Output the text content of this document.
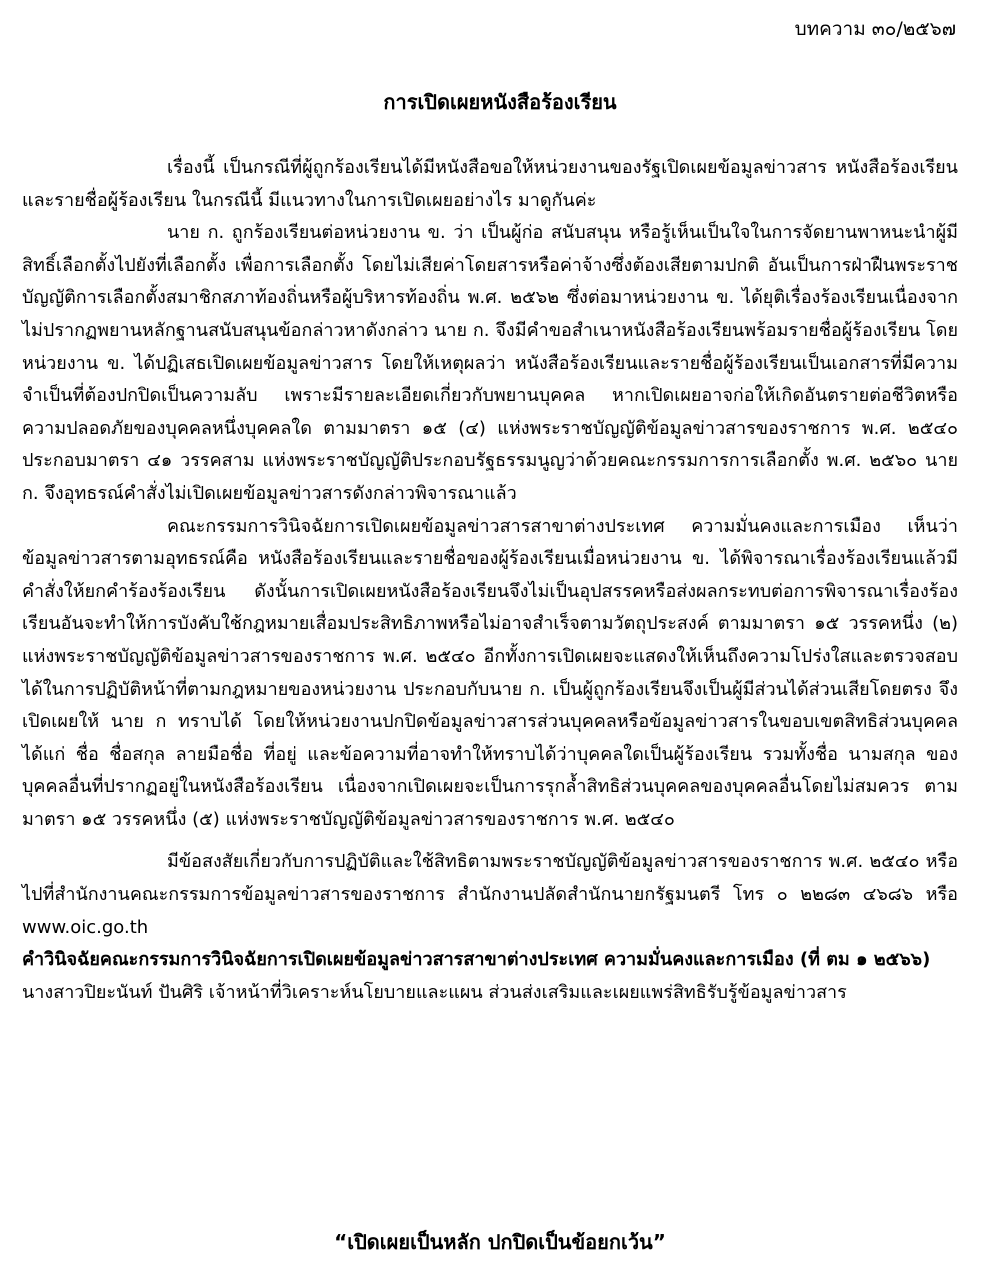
บทความ ๓๐/๒๕๖๗
การเปิดเผยหนังสือร้องเรียน

เรื่องนี้ เป็นกรณีที่ผู้ถูกร้องเรียนได้มีหนังสือขอให้หน่วยงานของรัฐเปิดเผยข้อมูลข่าวสาร หนังสือร้องเรียนและรายชื่อผู้ร้องเรียน ในกรณีนี้ มีแนวทางในการเปิดเผยอย่างไร มาดูกันค่ะ

นาย ก. ถูกร้องเรียนต่อหน่วยงาน ข. ว่า เป็นผู้ก่อ สนับสนุน หรือรู้เห็นเป็นใจในการจัดยานพาหนะนำผู้มีสิทธิ์เลือกตั้งไปยังที่เลือกตั้ง เพื่อการเลือกตั้ง โดยไม่เสียค่าโดยสารหรือค่าจ้างซึ่งต้องเสียตามปกติ อันเป็นการฝ่าฝืนพระราชบัญญัติการเลือกตั้งสมาชิกสภาท้องถิ่นหรือผู้บริหารท้องถิ่น พ.ศ. ๒๕๖๒ ซึ่งต่อมาหน่วยงาน ข. ได้ยุติเรื่องร้องเรียนเนื่องจากไม่ปรากฏพยานหลักฐานสนับสนุนข้อกล่าวหาดังกล่าว นาย ก. จึงมีคำขอสำเนาหนังสือร้องเรียนพร้อมรายชื่อผู้ร้องเรียน โดยหน่วยงาน ข. ได้ปฏิเสธเปิดเผยข้อมูลข่าวสาร โดยให้เหตุผลว่า หนังสือร้องเรียนและรายชื่อผู้ร้องเรียนเป็นเอกสารที่มีความจำเป็นที่ต้องปกปิดเป็นความลับ เพราะมีรายละเอียดเกี่ยวกับพยานบุคคล หากเปิดเผยอาจก่อให้เกิดอันตรายต่อชีวิตหรือความปลอดภัยของบุคคลหนึ่งบุคคลใด ตามมาตรา ๑๕ (๔) แห่งพระราชบัญญัติข้อมูลข่าวสารของราชการ พ.ศ. ๒๕๔๐ ประกอบมาตรา ๔๑ วรรคสาม แห่งพระราชบัญญัติประกอบรัฐธรรมนูญว่าด้วยคณะกรรมการการเลือกตั้ง พ.ศ. ๒๕๖๐ นาย ก. จึงอุทธรณ์คำสั่งไม่เปิดเผยข้อมูลข่าวสารดังกล่าวพิจารณาแล้ว

คณะกรรมการวินิจฉัยการเปิดเผยข้อมูลข่าวสารสาขาต่างประเทศ ความมั่นคงและการเมือง เห็นว่า ข้อมูลข่าวสารตามอุทธรณ์คือ หนังสือร้องเรียนและรายชื่อของผู้ร้องเรียนเมื่อหน่วยงาน ข. ได้พิจารณาเรื่องร้องเรียนแล้วมีคำสั่งให้ยกคำร้องร้องเรียน ดังนั้นการเปิดเผยหนังสือร้องเรียนจึงไม่เป็นอุปสรรคหรือส่งผลกระทบต่อการพิจารณาเรื่องร้องเรียนอันจะทำให้การบังคับใช้กฎหมายเสื่อมประสิทธิภาพหรือไม่อาจสำเร็จตามวัตถุประสงค์ ตามมาตรา ๑๕ วรรคหนึ่ง (๒) แห่งพระราชบัญญัติข้อมูลข่าวสารของราชการ พ.ศ. ๒๕๔๐ อีกทั้งการเปิดเผยจะแสดงให้เห็นถึงความโปร่งใสและตรวจสอบได้ในการปฏิบัติหน้าที่ตามกฎหมายของหน่วยงาน ประกอบกับนาย ก. เป็นผู้ถูกร้องเรียนจึงเป็นผู้มีส่วนได้ส่วนเสียโดยตรง จึงเปิดเผยให้ นาย ก ทราบได้ โดยให้หน่วยงานปกปิดข้อมูลข่าวสารส่วนบุคคลหรือข้อมูลข่าวสารในขอบเขตสิทธิส่วนบุคคล ได้แก่ ชื่อ ชื่อสกุล ลายมือชื่อ ที่อยู่ และข้อความที่อาจทำให้ทราบได้ว่าบุคคลใดเป็นผู้ร้องเรียน รวมทั้งชื่อ นามสกุล ของบุคคลอื่นที่ปรากฏอยู่ในหนังสือร้องเรียน เนื่องจากเปิดเผยจะเป็นการรุกล้ำสิทธิส่วนบุคคลของบุคคลอื่นโดยไม่สมควร ตามมาตรา ๑๕ วรรคหนึ่ง (๕) แห่งพระราชบัญญัติข้อมูลข่าวสารของราชการ พ.ศ. ๒๕๔๐

มีข้อสงสัยเกี่ยวกับการปฏิบัติและใช้สิทธิตามพระราชบัญญัติข้อมูลข่าวสารของราชการ พ.ศ. ๒๕๔๐ หรือไปที่สำนักงานคณะกรรมการข้อมูลข่าวสารของราชการ สำนักงานปลัดสำนักนายกรัฐมนตรี โทร ๐ ๒๒๘๓ ๔๖๘๖ หรือ www.oic.go.th

คำวินิจฉัยคณะกรรมการวินิจฉัยการเปิดเผยข้อมูลข่าวสารสาขาต่างประเทศ ความมั่นคงและการเมือง (ที่ ตม ๑ ๒๕๖๖)

นางสาวปิยะนันท์ ปันศิริ เจ้าหน้าที่วิเคราะห์นโยบายและแผน ส่วนส่งเสริมและเผยแพร่สิทธิรับรู้ข้อมูลข่าวสาร

“เปิดเผยเป็นหลัก ปกปิดเป็นข้อยกเว้น”
